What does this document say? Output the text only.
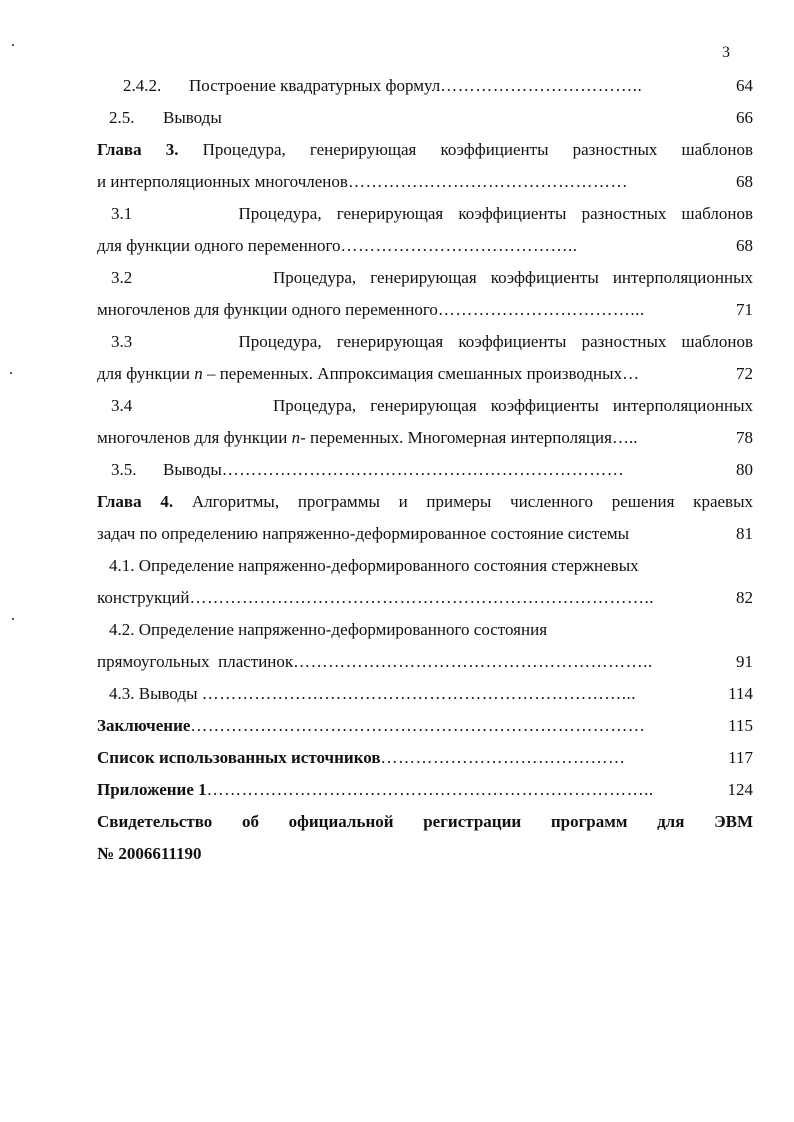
3
2.4.2. Построение квадратурных формул……………………………..	64
2.5. Выводы	66
Глава 3. Процедура, генерирующая коэффициенты разностных шаблонов
и интерполяционных многочленов…………………………………………	68
3.1	Процедура, генерирующая коэффициенты разностных шаблонов
для функции одного переменного…………………………………..	68
3.2	Процедура, генерирующая коэффициенты интерполяционных
многочленов для функции одного переменного……………………………...	71
3.3	Процедура, генерирующая коэффициенты разностных шаблонов
для функции n – переменных. Аппроксимация смешанных производных…	72
3.4	Процедура, генерирующая коэффициенты интерполяционных
многочленов для функции n- переменных. Многомерная интерполяция…..	78
3.5. Выводы……………………………………………………………	80
Глава 4. Алгоритмы, программы и примеры численного решения краевых
задач по определению напряженно-деформированное состояние системы	81
4.1. Определение напряженно-деформированного состояния стержневых
конструкций……………………………………………………………………..	82
4.2. Определение напряженно-деформированного состояния
прямоугольных  пластинок……………………………………………………..	91
4.3. Выводы ………………………………………………………………...	114
Заключение……………………………………………………………………	115
Список использованных источников……………………………………	117
Приложение 1…………………………………………………………………..	124
Свидетельство об официальной регистрации программ для ЭВМ
№ 2006611190
